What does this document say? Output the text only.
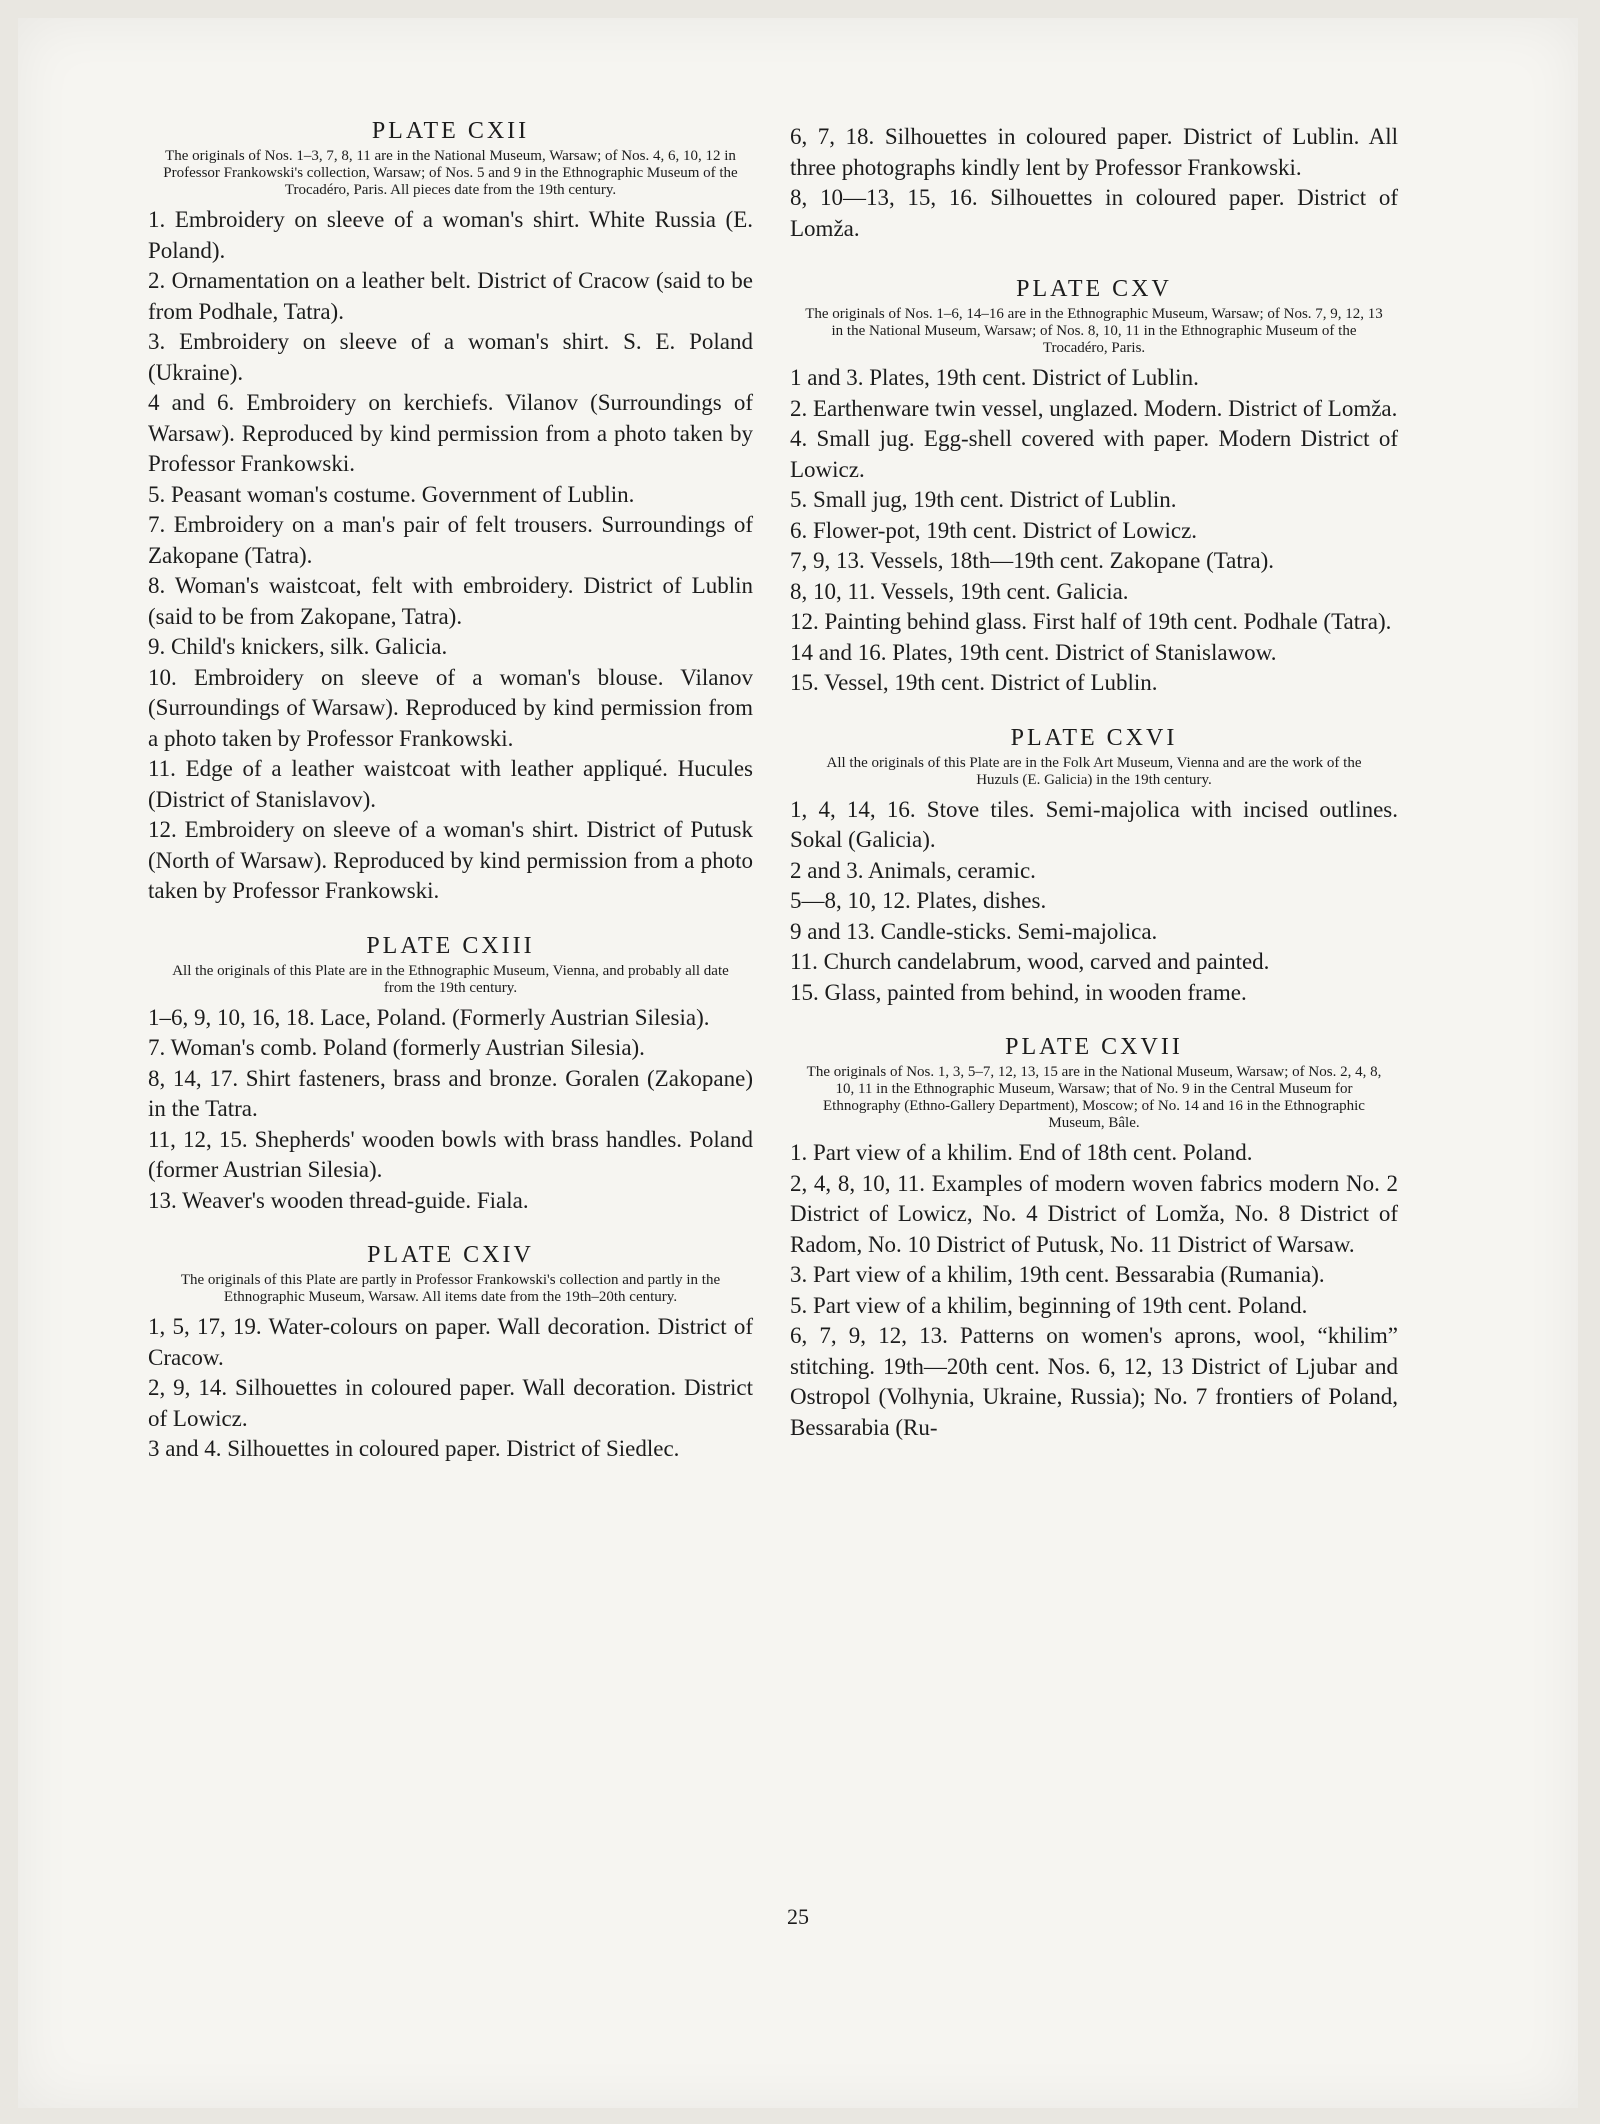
PLATE CXII
The originals of Nos. 1–3, 7, 8, 11 are in the National Museum, Warsaw; of Nos. 4, 6, 10, 12 in Professor Frankowski's collection, Warsaw; of Nos. 5 and 9 in the Ethnographic Museum of the Trocadéro, Paris. All pieces date from the 19th century.

1. Embroidery on sleeve of a woman's shirt. White Russia (E. Poland).

2. Ornamentation on a leather belt. District of Cracow (said to be from Podhale, Tatra).

3. Embroidery on sleeve of a woman's shirt. S. E. Poland (Ukraine).

4 and 6. Embroidery on kerchiefs. Vilanov (Surroundings of Warsaw). Reproduced by kind permission from a photo taken by Professor Frankowski.

5. Peasant woman's costume. Government of Lublin.

7. Embroidery on a man's pair of felt trousers. Surroundings of Zakopane (Tatra).

8. Woman's waistcoat, felt with embroidery. District of Lublin (said to be from Zakopane, Tatra).

9. Child's knickers, silk. Galicia.

10. Embroidery on sleeve of a woman's blouse. Vilanov (Surroundings of Warsaw). Reproduced by kind permission from a photo taken by Professor Frankowski.

11. Edge of a leather waistcoat with leather appliqué. Hucules (District of Stanislavov).

12. Embroidery on sleeve of a woman's shirt. District of Putusk (North of Warsaw). Reproduced by kind permission from a photo taken by Professor Frankowski.

PLATE CXIII
All the originals of this Plate are in the Ethnographic Museum, Vienna, and probably all date from the 19th century.

1–6, 9, 10, 16, 18. Lace, Poland. (Formerly Austrian Silesia).

7. Woman's comb. Poland (formerly Austrian Silesia).

8, 14, 17. Shirt fasteners, brass and bronze. Goralen (Zakopane) in the Tatra.

11, 12, 15. Shepherds' wooden bowls with brass handles. Poland (former Austrian Silesia).

13. Weaver's wooden thread-guide. Fiala.

PLATE CXIV
The originals of this Plate are partly in Professor Frankowski's collection and partly in the Ethnographic Museum, Warsaw. All items date from the 19th–20th century.

1, 5, 17, 19. Water-colours on paper. Wall decoration. District of Cracow.

2, 9, 14. Silhouettes in coloured paper. Wall decoration. District of Lowicz.

3 and 4. Silhouettes in coloured paper. District of Siedlec.

6, 7, 18. Silhouettes in coloured paper. District of Lublin. All three photographs kindly lent by Professor Frankowski.

8, 10—13, 15, 16. Silhouettes in coloured paper. District of Lomža.

PLATE CXV
The originals of Nos. 1–6, 14–16 are in the Ethnographic Museum, Warsaw; of Nos. 7, 9, 12, 13 in the National Museum, Warsaw; of Nos. 8, 10, 11 in the Ethnographic Museum of the Trocadéro, Paris.

1 and 3. Plates, 19th cent. District of Lublin.

2. Earthenware twin vessel, unglazed. Modern. District of Lomža.

4. Small jug. Egg-shell covered with paper. Modern District of Lowicz.

5. Small jug, 19th cent. District of Lublin.

6. Flower-pot, 19th cent. District of Lowicz.

7, 9, 13. Vessels, 18th—19th cent. Zakopane (Tatra).

8, 10, 11. Vessels, 19th cent. Galicia.

12. Painting behind glass. First half of 19th cent. Podhale (Tatra).

14 and 16. Plates, 19th cent. District of Stanislawow.

15. Vessel, 19th cent. District of Lublin.

PLATE CXVI
All the originals of this Plate are in the Folk Art Museum, Vienna and are the work of the Huzuls (E. Galicia) in the 19th century.

1, 4, 14, 16. Stove tiles. Semi-majolica with incised outlines. Sokal (Galicia).

2 and 3. Animals, ceramic.

5—8, 10, 12. Plates, dishes.

9 and 13. Candle-sticks. Semi-majolica.

11. Church candelabrum, wood, carved and painted.

15. Glass, painted from behind, in wooden frame.

PLATE CXVII
The originals of Nos. 1, 3, 5–7, 12, 13, 15 are in the National Museum, Warsaw; of Nos. 2, 4, 8, 10, 11 in the Ethnographic Museum, Warsaw; that of No. 9 in the Central Museum for Ethnography (Ethno-Gallery Department), Moscow; of No. 14 and 16 in the Ethnographic Museum, Bâle.

1. Part view of a khilim. End of 18th cent. Poland.

2, 4, 8, 10, 11. Examples of modern woven fabrics modern No. 2 District of Lowicz, No. 4 District of Lomža, No. 8 District of Radom, No. 10 District of Putusk, No. 11 District of Warsaw.

3. Part view of a khilim, 19th cent. Bessarabia (Rumania).

5. Part view of a khilim, beginning of 19th cent. Poland.

6, 7, 9, 12, 13. Patterns on women's aprons, wool, “khilim” stitching. 19th—20th cent. Nos. 6, 12, 13 District of Ljubar and Ostropol (Volhynia, Ukraine, Russia); No. 7 frontiers of Poland, Bessarabia (Ru-

25
